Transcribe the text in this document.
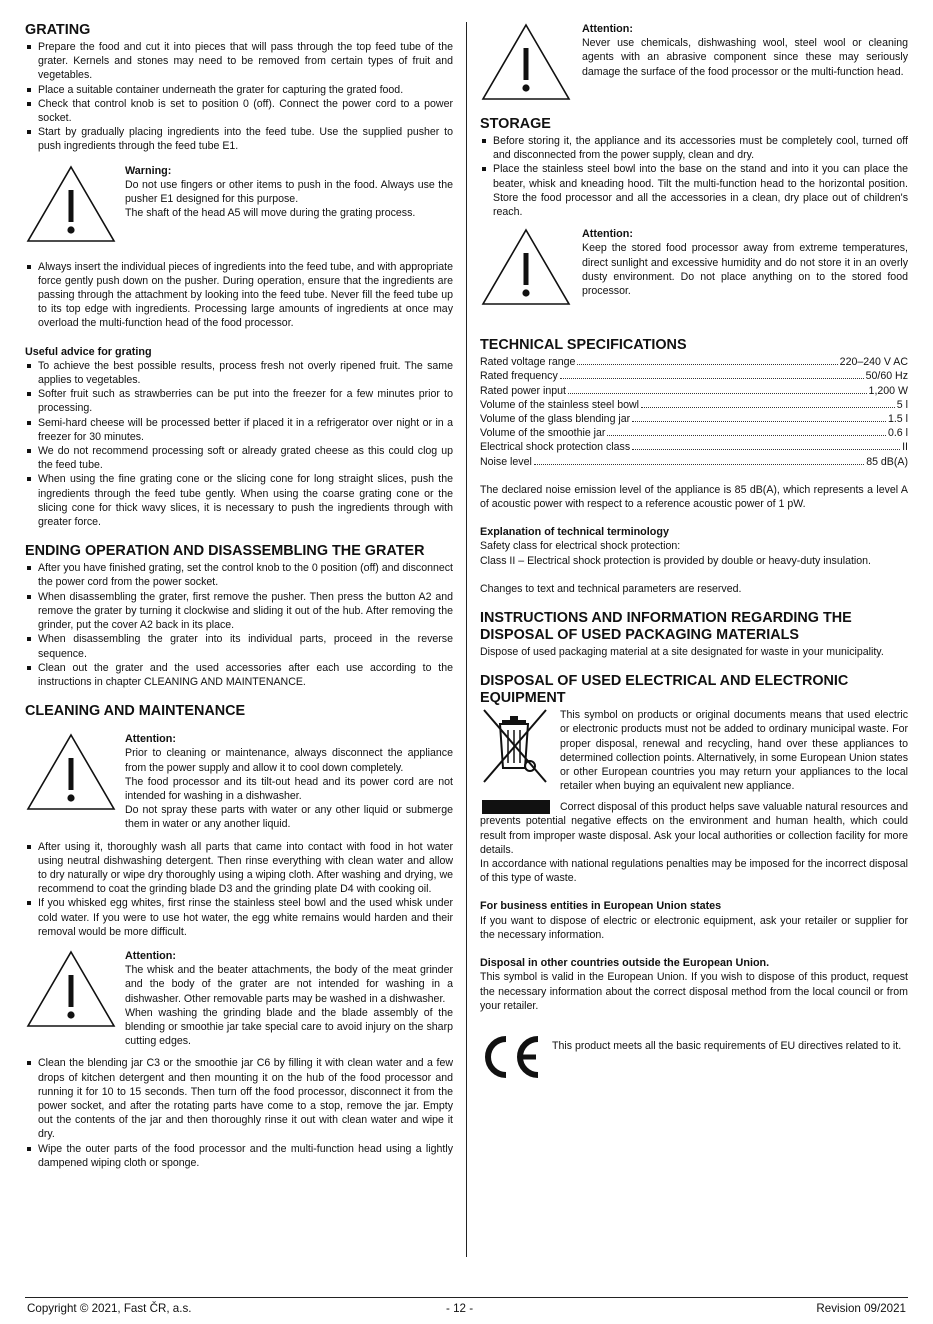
GRATING
Prepare the food and cut it into pieces that will pass through the top feed tube of the grater. Kernels and stones may need to be removed from certain types of fruit and vegetables.
Place a suitable container underneath the grater for capturing the grated food.
Check that control knob is set to position 0 (off). Connect the power cord to a power socket.
Start by gradually placing ingredients into the feed tube. Use the supplied pusher to push ingredients through the feed tube E1.
Warning:

Do not use fingers or other items to push in the food. Always use the pusher E1 designed for this purpose.

The shaft of the head A5 will move during the grating process.

Always insert the individual pieces of ingredients into the feed tube, and with appropriate force gently push down on the pusher. During operation, ensure that the ingredients are passing through the attachment by looking into the feed tube. Never fill the feed tube up to its top edge with ingredients. Processing large amounts of ingredients at once may overload the multi-function head of the food processor.
Useful advice for grating
To achieve the best possible results, process fresh not overly ripened fruit. The same applies to vegetables.
Softer fruit such as strawberries can be put into the freezer for a few minutes prior to processing.
Semi-hard cheese will be processed better if placed it in a refrigerator over night or in a freezer for 30 minutes.
We do not recommend processing soft or already grated cheese as this could clog up the feed tube.
When using the fine grating cone or the slicing cone for long straight slices, push the ingredients through the feed tube gently. When using the coarse grating cone or the slicing cone for thick wavy slices, it is necessary to push the ingredients through with greater force.
ENDING OPERATION AND DISASSEMBLING THE GRATER
After you have finished grating, set the control knob to the 0 position (off) and disconnect the power cord from the power socket.
When disassembling the grater, first remove the pusher. Then press the button A2 and remove the grater by turning it clockwise and sliding it out of the hub. After removing the grinder, put the cover A2 back in its place.
When disassembling the grater into its individual parts, proceed in the reverse sequence.
Clean out the grater and the used accessories after each use according to the instructions in chapter CLEANING AND MAINTENANCE.
CLEANING AND MAINTENANCE
Attention:

Prior to cleaning or maintenance, always disconnect the appliance from the power supply and allow it to cool down completely.

The food processor and its tilt-out head and its power cord are not intended for washing in a dishwasher.

Do not spray these parts with water or any other liquid or submerge them in water or any another liquid.

After using it, thoroughly wash all parts that came into contact with food in hot water using neutral dishwashing detergent. Then rinse everything with clean water and allow to dry naturally or wipe dry thoroughly using a wiping cloth. After washing and drying, we recommend to coat the grinding blade D3 and the grinding plate D4 with cooking oil.
If you whisked egg whites, first rinse the stainless steel bowl and the used whisk under cold water. If you were to use hot water, the egg white remains would harden and their removal would be more difficult.
Attention:

The whisk and the beater attachments, the body of the meat grinder and the body of the grater are not intended for washing in a dishwasher. Other removable parts may be washed in a dishwasher.

When washing the grinding blade and the blade assembly of the blending or smoothie jar take special care to avoid injury on the sharp cutting edges.

Clean the blending jar C3 or the smoothie jar C6 by filling it with clean water and a few drops of kitchen detergent and then mounting it on the hub of the food processor and running it for 10 to 15 seconds. Then turn off the food processor, disconnect it from the power socket, and after the rotating parts have come to a stop, remove the jar. Empty out the contents of the jar and then thoroughly rinse it out with clean water and wipe it dry.
Wipe the outer parts of the food processor and the multi-function head using a lightly dampened wiping cloth or sponge.
Attention:

Never use chemicals, dishwashing wool, steel wool or cleaning agents with an abrasive component since these may seriously damage the surface of the food processor or the multi-function head.

STORAGE
Before storing it, the appliance and its accessories must be completely cool, turned off and disconnected from the power supply, clean and dry.
Place the stainless steel bowl into the base on the stand and into it you can place the beater, whisk and kneading hood. Tilt the multi-function head to the horizontal position. Store the food processor and all the accessories in a clean, dry place out of children's reach.
Attention:

Keep the stored food processor away from extreme temperatures, direct sunlight and excessive humidity and do not store it in an overly dusty environment. Do not place anything on to the stored food processor.

TECHNICAL SPECIFICATIONS
Rated voltage range	220–240 V AC
Rated frequency	50/60 Hz
Rated power input	1,200 W
Volume of the stainless steel bowl	5 l
Volume of the glass blending jar	1.5 l
Volume of the smoothie jar	0.6 l
Electrical shock protection class	II
Noise level	85 dB(A)

The declared noise emission level of the appliance is 85 dB(A), which represents a level A of acoustic power with respect to a reference acoustic power of 1 pW.

Explanation of technical terminology

Safety class for electrical shock protection:

Class II – Electrical shock protection is provided by double or heavy-duty insulation.

Changes to text and technical parameters are reserved.

INSTRUCTIONS AND INFORMATION REGARDING THE DISPOSAL OF USED PACKAGING MATERIALS

Dispose of used packaging material at a site designated for waste in your municipality.

DISPOSAL OF USED ELECTRICAL AND ELECTRONIC EQUIPMENT

This symbol on products or original documents means that used electric or electronic products must not be added to ordinary municipal waste. For proper disposal, renewal and recycling, hand over these appliances to determined collection points. Alternatively, in some European Union states or other European countries you may return your appliances to the local retailer when buying an equivalent new appliance.

Correct disposal of this product helps save valuable natural resources and prevents potential negative effects on the environment and human health, which could result from improper waste disposal. Ask your local authorities or collection facility for more details.

In accordance with national regulations penalties may be imposed for the incorrect disposal of this type of waste.

For business entities in European Union states

If you want to dispose of electric or electronic equipment, ask your retailer or supplier for the necessary information.

Disposal in other countries outside the European Union.

This symbol is valid in the European Union. If you wish to dispose of this product, request the necessary information about the correct disposal method from the local council or from your retailer.

This product meets all the basic requirements of EU directives related to it.

Copyright © 2021, Fast ČR, a.s.	- 12 -	Revision 09/2021
